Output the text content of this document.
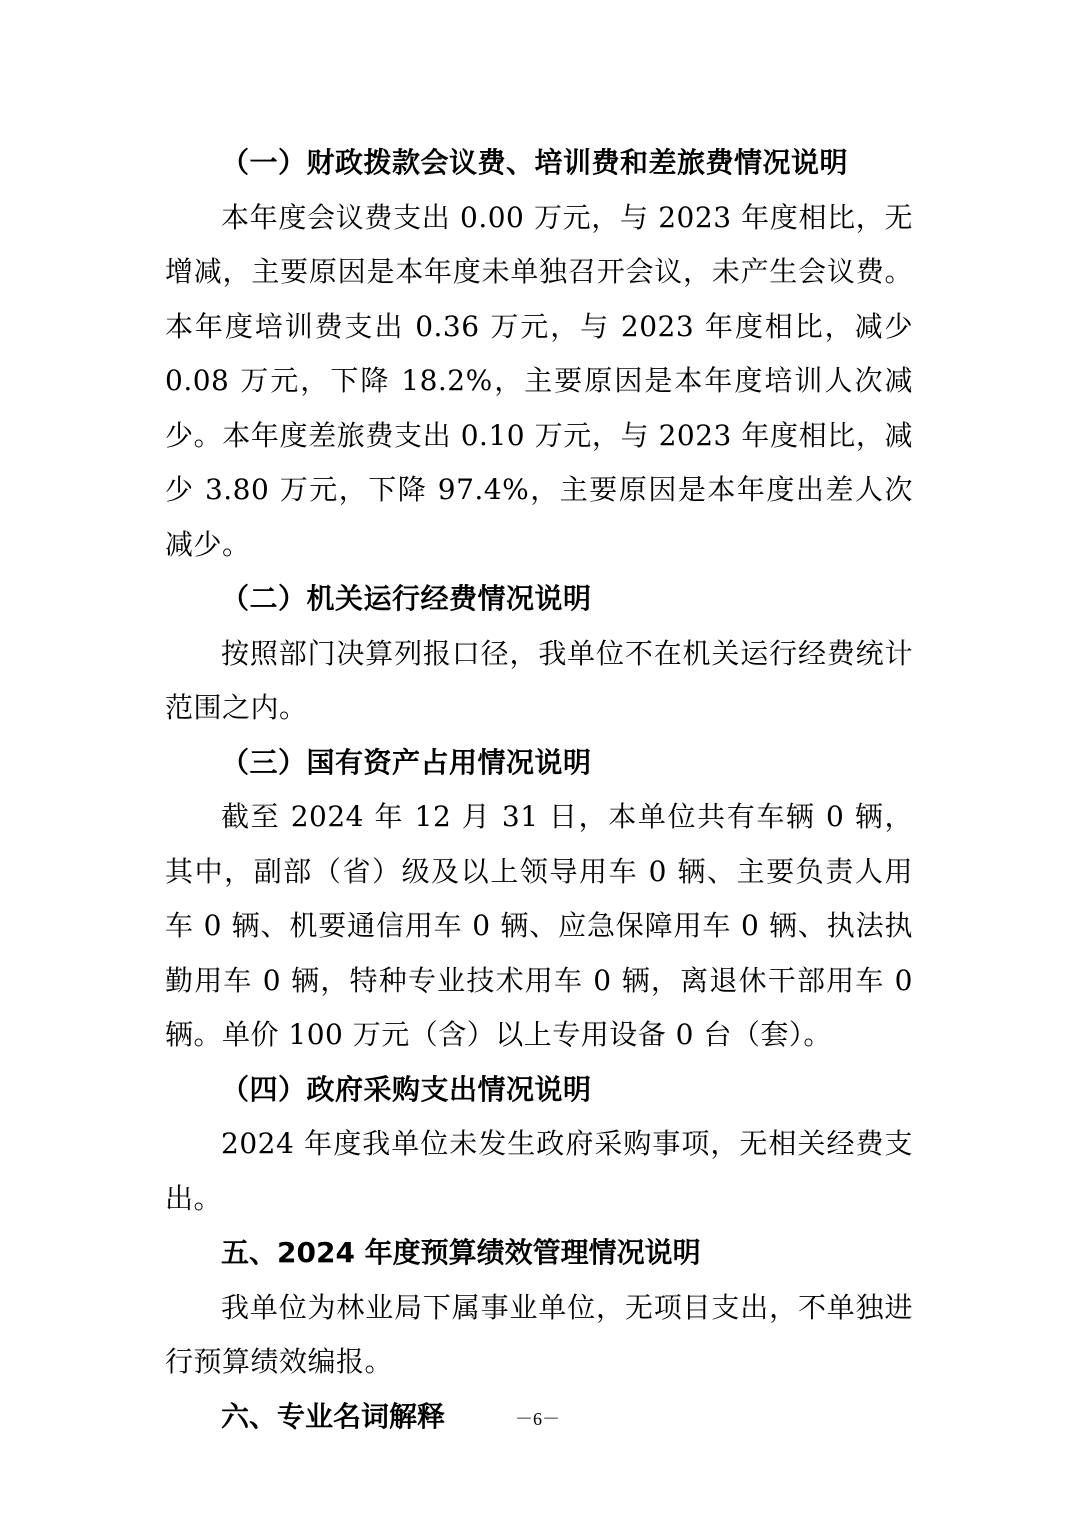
（一）财政拨款会议费、培训费和差旅费情况说明

本年度会议费支出 0.00 万元，与 2023 年度相比，无增减，主要原因是本年度未单独召开会议，未产生会议费。本年度培训费支出 0.36 万元，与 2023 年度相比，减少 0.08 万元，下降 18.2%，主要原因是本年度培训人次减少。本年度差旅费支出 0.10 万元，与 2023 年度相比，减少 3.80 万元，下降 97.4%，主要原因是本年度出差人次减少。

（二）机关运行经费情况说明

按照部门决算列报口径，我单位不在机关运行经费统计范围之内。

（三）国有资产占用情况说明

截至 2024 年 12 月 31 日，本单位共有车辆 0 辆，其中，副部（省）级及以上领导用车 0 辆、主要负责人用车 0 辆、机要通信用车 0 辆、应急保障用车 0 辆、执法执勤用车 0 辆，特种专业技术用车 0 辆，离退休干部用车 0 辆。单价 100 万元（含）以上专用设备 0 台（套）。

（四）政府采购支出情况说明

2024 年度我单位未发生政府采购事项，无相关经费支出。

五、2024 年度预算绩效管理情况说明

我单位为林业局下属事业单位，无项目支出，不单独进行预算绩效编报。

六、专业名词解释	－6－
